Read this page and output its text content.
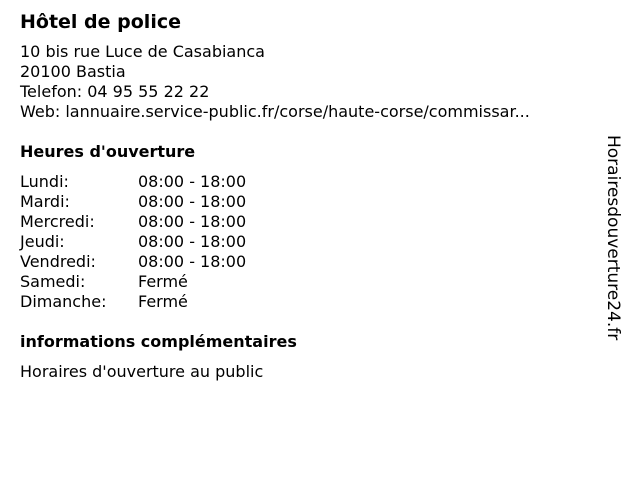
Hôtel de police
10 bis rue Luce de Casabianca
20100 Bastia
Telefon: 04 95 55 22 22
Web: lannuaire.service-public.fr/corse/haute-corse/commissar...
Heures d'ouverture
Lundi:	08:00 - 18:00
Mardi:	08:00 - 18:00
Mercredi:	08:00 - 18:00
Jeudi:	08:00 - 18:00
Vendredi:	08:00 - 18:00
Samedi:	Fermé
Dimanche:	Fermé
informations complémentaires
Horaires d'ouverture au public
Horairesdouverture24.fr
